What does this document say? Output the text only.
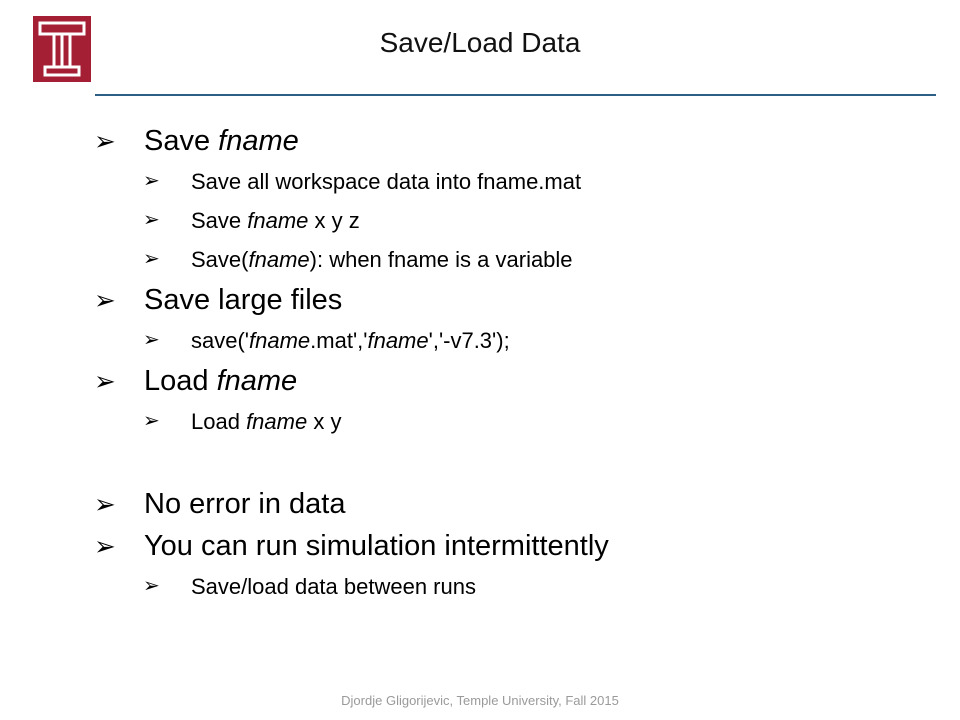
Save/Load Data
➢ Save fname
➢ Save all workspace data into fname.mat
➢ Save fname x y z
➢ Save(fname): when fname is a variable
➢ Save large files
➢ save('fname.mat','fname','-v7.3');
➢ Load fname
➢ Load fname x y
➢ No error in data
➢ You can run simulation intermittently
➢ Save/load data between runs
Djordje Gligorijevic, Temple University, Fall 2015
